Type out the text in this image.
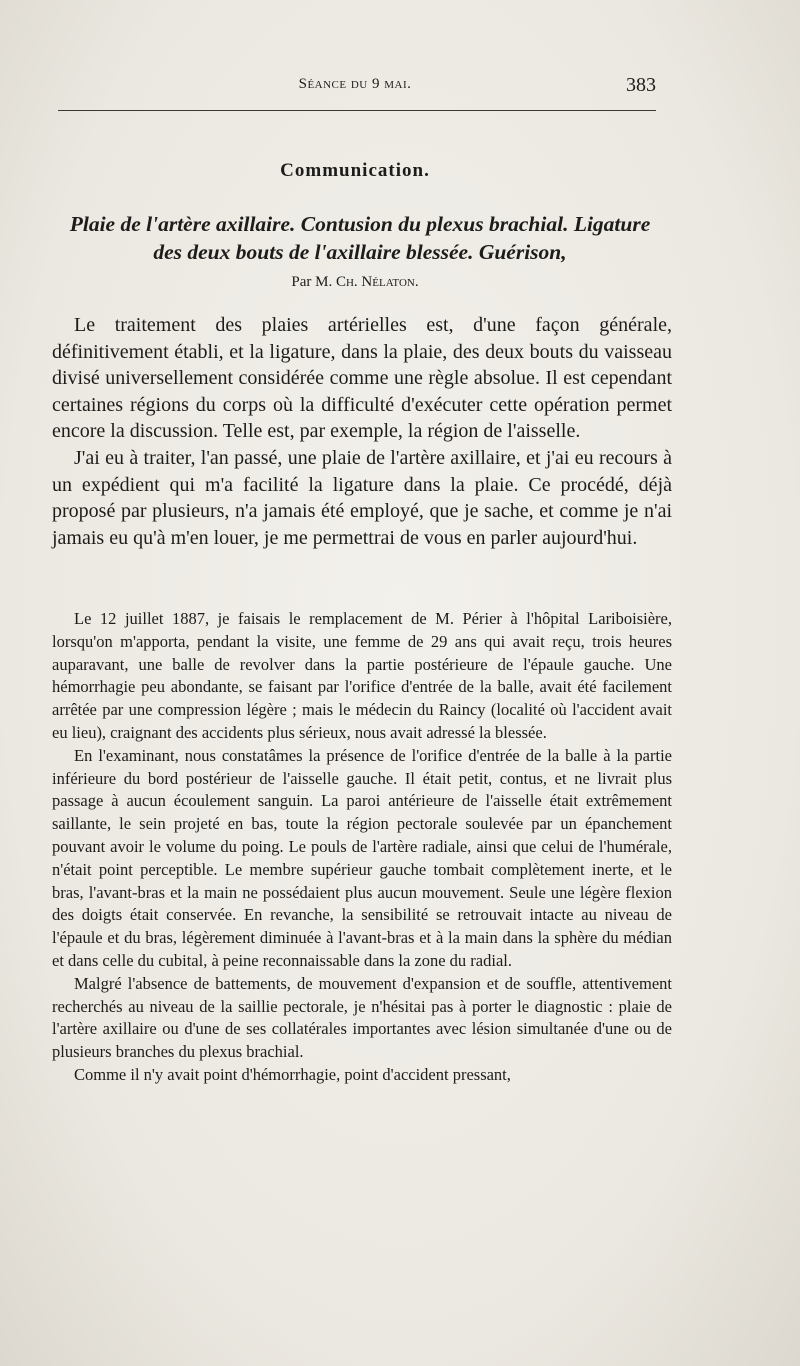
Séance du 9 mai.	383
Communication.
Plaie de l'artère axillaire. Contusion du plexus brachial. Ligature
des deux bouts de l'axillaire blessée. Guérison,
Par M. Ch. Nélaton.

Le traitement des plaies artérielles est, d'une façon générale, définitivement établi, et la ligature, dans la plaie, des deux bouts du vaisseau divisé universellement considérée comme une règle absolue. Il est cependant certaines régions du corps où la difficulté d'exécuter cette opération permet encore la discussion. Telle est, par exemple, la région de l'aisselle.

J'ai eu à traiter, l'an passé, une plaie de l'artère axillaire, et j'ai eu recours à un expédient qui m'a facilité la ligature dans la plaie. Ce procédé, déjà proposé par plusieurs, n'a jamais été employé, que je sache, et comme je n'ai jamais eu qu'à m'en louer, je me permettrai de vous en parler aujourd'hui.

Le 12 juillet 1887, je faisais le remplacement de M. Périer à l'hôpital Lariboisière, lorsqu'on m'apporta, pendant la visite, une femme de 29 ans qui avait reçu, trois heures auparavant, une balle de revolver dans la partie postérieure de l'épaule gauche. Une hémorrhagie peu abondante, se faisant par l'orifice d'entrée de la balle, avait été facilement arrêtée par une compression légère ; mais le médecin du Raincy (localité où l'accident avait eu lieu), craignant des accidents plus sérieux, nous avait adressé la blessée.

En l'examinant, nous constatâmes la présence de l'orifice d'entrée de la balle à la partie inférieure du bord postérieur de l'aisselle gauche. Il était petit, contus, et ne livrait plus passage à aucun écoulement sanguin. La paroi antérieure de l'aisselle était extrêmement saillante, le sein projeté en bas, toute la région pectorale soulevée par un épanchement pouvant avoir le volume du poing. Le pouls de l'artère radiale, ainsi que celui de l'humérale, n'était point perceptible. Le membre supérieur gauche tombait complètement inerte, et le bras, l'avant-bras et la main ne possédaient plus aucun mouvement. Seule une légère flexion des doigts était conservée. En revanche, la sensibilité se retrouvait intacte au niveau de l'épaule et du bras, légèrement diminuée à l'avant-bras et à la main dans la sphère du médian et dans celle du cubital, à peine reconnaissable dans la zone du radial.

Malgré l'absence de battements, de mouvement d'expansion et de souffle, attentivement recherchés au niveau de la saillie pectorale, je n'hésitai pas à porter le diagnostic : plaie de l'artère axillaire ou d'une de ses collatérales importantes avec lésion simultanée d'une ou de plusieurs branches du plexus brachial.

Comme il n'y avait point d'hémorrhagie, point d'accident pressant,
